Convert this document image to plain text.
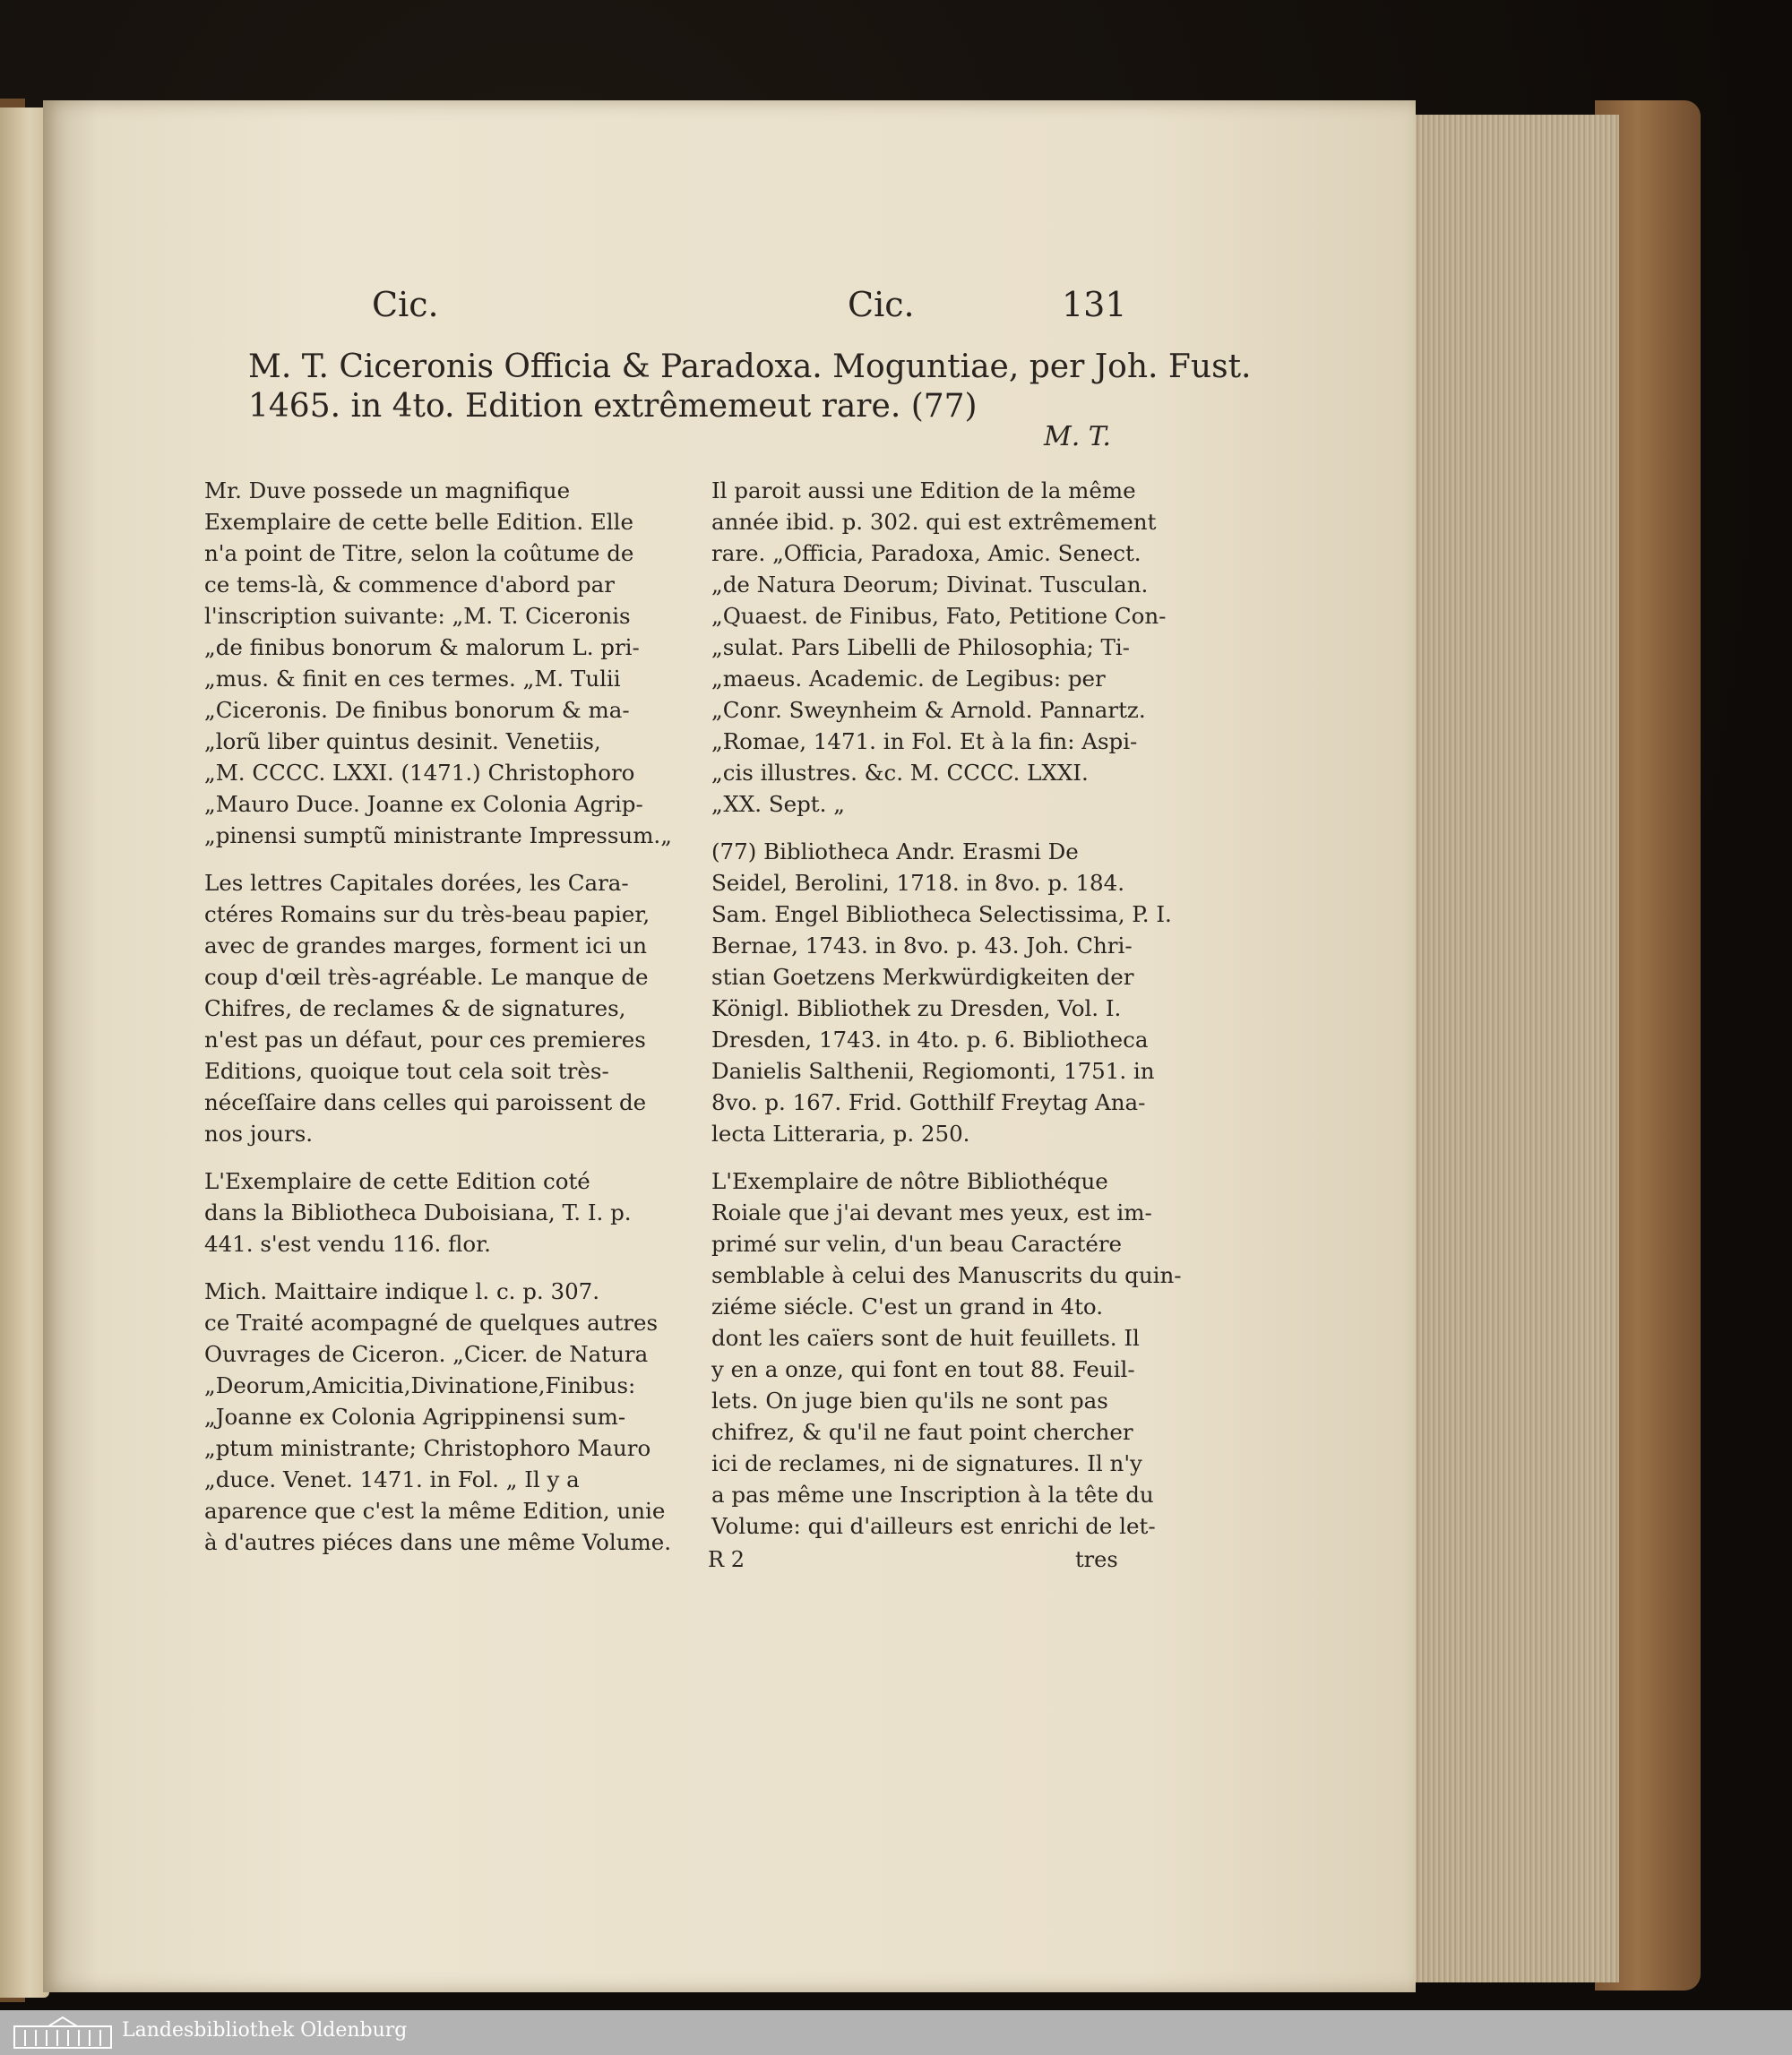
Cic.	Cic.	131
M. T. Ciceronis Officia & Paradoxa. Moguntiae, per Joh. Fust.
1465. in 4to. Edition extrêmemeut rare. (77)
M. T.

Mr. Duve possede un magnifique
Exemplaire de cette belle Edition. Elle
n'a point de Titre, selon la coûtume de
ce tems-là, & commence d'abord par
l'inscription suivante: „M. T. Ciceronis
„de finibus bonorum & malorum L. pri-
„mus. & finit en ces termes. „M. Tulii
„Ciceronis. De finibus bonorum & ma-
„lorũ liber quintus desinit. Venetiis,
„M. CCCC. LXXI. (1471.) Christophoro
„Mauro Duce. Joanne ex Colonia Agrip-
„pinensi sumptũ ministrante Impressum.„

Les lettres Capitales dorées, les Cara-
ctéres Romains sur du très-beau papier,
avec de grandes marges, forment ici un
coup d'œil très-agréable. Le manque de
Chifres, de reclames & de signatures,
n'est pas un défaut, pour ces premieres
Editions, quoique tout cela soit très-
néceſſaire dans celles qui paroissent de
nos jours.

L'Exemplaire de cette Edition coté
dans la Bibliotheca Duboisiana, T. I. p.
441. s'est vendu 116. flor.

Mich. Maittaire indique l. c. p. 307.
ce Traité acompagné de quelques autres
Ouvrages de Ciceron. „Cicer. de Natura
„Deorum,Amicitia,Divinatione,Finibus:
„Joanne ex Colonia Agrippinensi sum-
„ptum ministrante; Christophoro Mauro
„duce. Venet. 1471. in Fol. „ Il y a
aparence que c'est la même Edition, unie
à d'autres piéces dans une même Volume.

Il paroit aussi une Edition de la même
année ibid. p. 302. qui est extrêmement
rare. „Officia, Paradoxa, Amic. Senect.
„de Natura Deorum; Divinat. Tusculan.
„Quaest. de Finibus, Fato, Petitione Con-
„sulat. Pars Libelli de Philosophia; Ti-
„maeus. Academic. de Legibus: per
„Conr. Sweynheim & Arnold. Pannartz.
„Romae, 1471. in Fol. Et à la fin: Aspi-
„cis illustres. &c. M. CCCC. LXXI.
„XX. Sept. „

(77) Bibliotheca Andr. Erasmi De
Seidel, Berolini, 1718. in 8vo. p. 184.
Sam. Engel Bibliotheca Selectissima, P. I.
Bernae, 1743. in 8vo. p. 43. Joh. Chri-
stian Goetzens Merkwürdigkeiten der
Königl. Bibliothek zu Dresden, Vol. I.
Dresden, 1743. in 4to. p. 6. Bibliotheca
Danielis Salthenii, Regiomonti, 1751. in
8vo. p. 167. Frid. Gotthilf Freytag Ana-
lecta Litteraria, p. 250.

L'Exemplaire de nôtre Bibliothéque
Roiale que j'ai devant mes yeux, est im-
primé sur velin, d'un beau Caractére
semblable à celui des Manuscrits du quin-
ziéme siécle. C'est un grand in 4to.
dont les caïers sont de huit feuillets. Il
y en a onze, qui font en tout 88. Feuil-
lets. On juge bien qu'ils ne sont pas
chifrez, & qu'il ne faut point chercher
ici de reclames, ni de signatures. Il n'y
a pas même une Inscription à la tête du
Volume: qui d'ailleurs est enrichi de let-

R 2	tres
Landesbibliothek Oldenburg
